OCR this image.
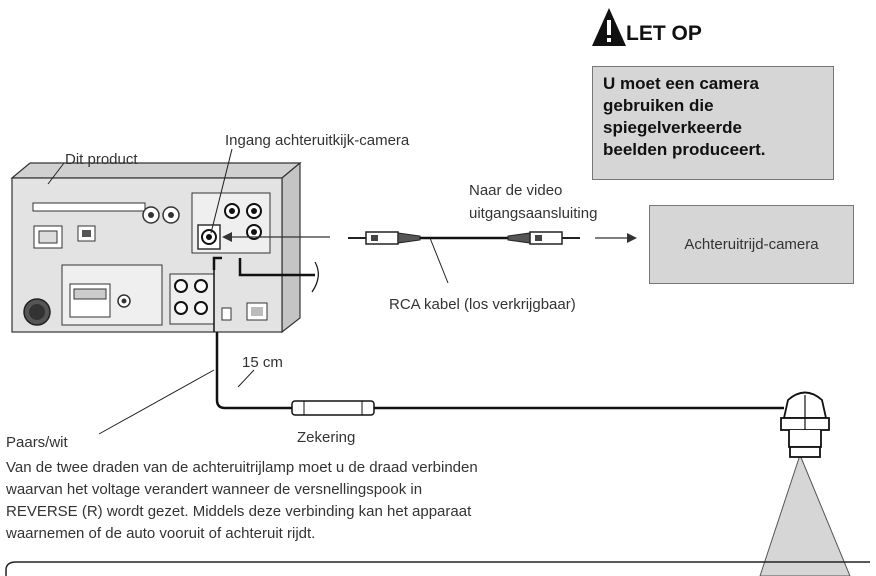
LET OP
U moet een camera
gebruiken die
spiegelverkeerde
beelden produceert.
Dit product
Ingang achteruitkijk-camera
Naar de video
uitgangsaansluiting
Achteruitrijd-camera
RCA kabel (los verkrijgbaar)
15 cm
Zekering
Paars/wit
Van de twee draden van de achteruitrijlamp moet u de draad verbinden
waarvan het voltage verandert wanneer de versnellingspook in
REVERSE (R) wordt gezet. Middels deze verbinding kan het apparaat
waarnemen of de auto vooruit of achteruit rijdt.
